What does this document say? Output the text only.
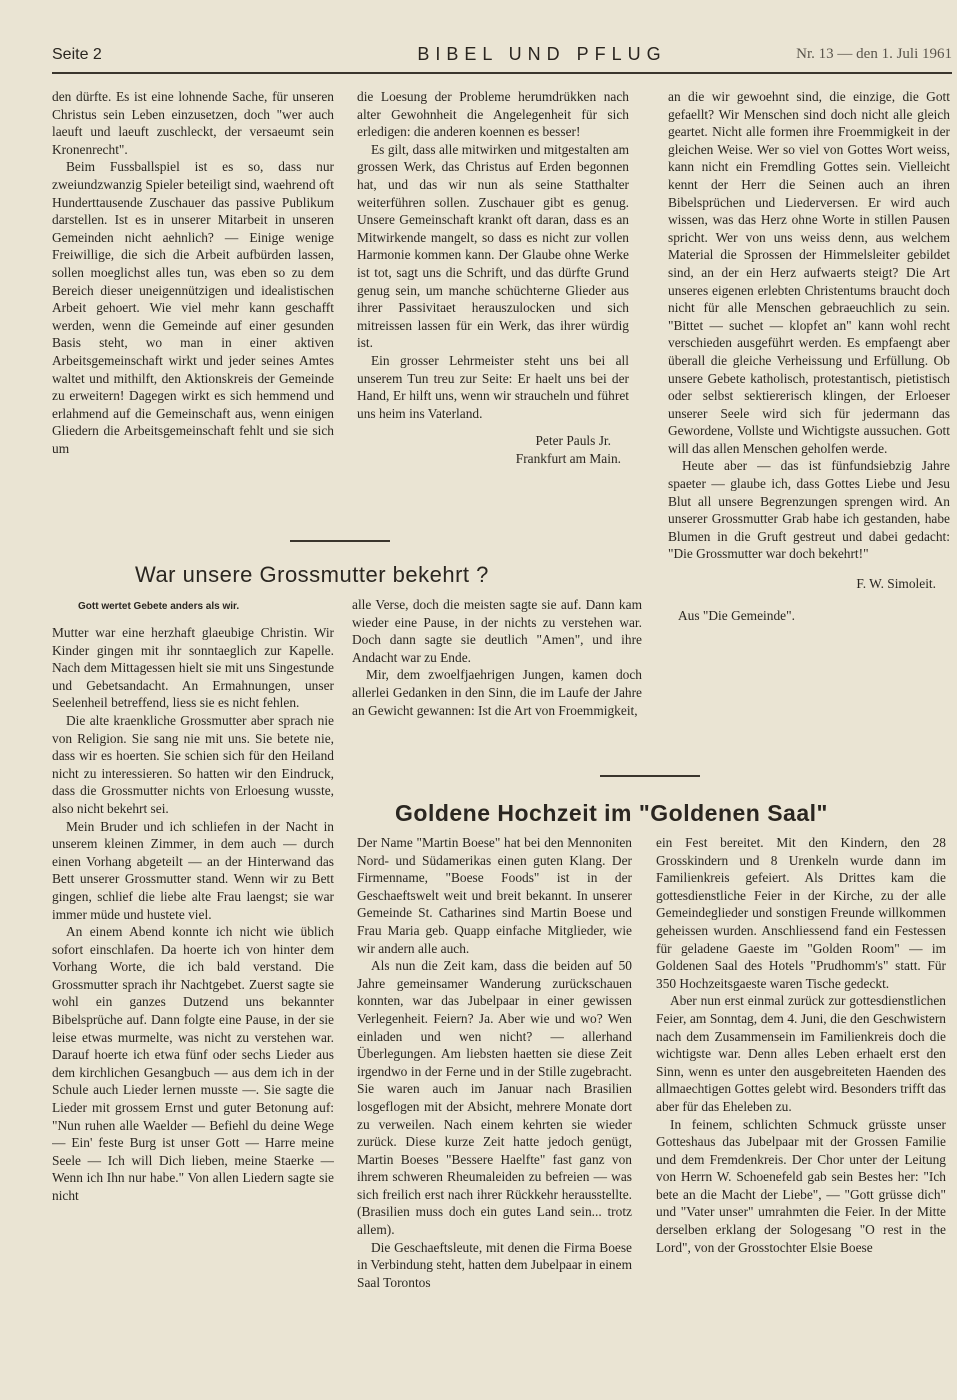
Seite 2	BIBEL UND PFLUG	Nr. 13 — den 1. Juli 1961

den dürfte. Es ist eine lohnende Sache, für unseren Christus sein Leben einzusetzen, doch "wer auch laeuft und laeuft zuschleckt, der versaeumt sein Kronenrecht".

Beim Fussballspiel ist es so, dass nur zweiundzwanzig Spieler beteiligt sind, waehrend oft Hunderttausende Zuschauer das passive Publikum darstellen. Ist es in unserer Mitarbeit in unseren Gemeinden nicht aehnlich? — Einige wenige Freiwillige, die sich die Arbeit aufbürden lassen, sollen moeglichst alles tun, was eben so zu dem Bereich dieser uneigennützigen und idealistischen Arbeit gehoert. Wie viel mehr kann geschafft werden, wenn die Gemeinde auf einer gesunden Basis steht, wo man in einer aktiven Arbeitsgemeinschaft wirkt und jeder seines Amtes waltet und mithilft, den Aktionskreis der Gemeinde zu erweitern! Dagegen wirkt es sich hemmend und erlahmend auf die Gemeinschaft aus, wenn einigen Gliedern die Arbeitsgemeinschaft fehlt und sie sich um

die Loesung der Probleme herumdrükken nach alter Gewohnheit die Angelegenheit für sich erledigen: die anderen koennen es besser!

Es gilt, dass alle mitwirken und mitgestalten am grossen Werk, das Christus auf Erden begonnen hat, und das wir nun als seine Statthalter weiterführen sollen. Zuschauer gibt es genug. Unsere Gemeinschaft krankt oft daran, dass es an Mitwirkende mangelt, so dass es nicht zur vollen Harmonie kommen kann. Der Glaube ohne Werke ist tot, sagt uns die Schrift, und das dürfte Grund genug sein, um manche schüchterne Glieder aus ihrer Passivitaet herauszulocken und sich mitreissen lassen für ein Werk, das ihrer würdig ist.

Ein grosser Lehrmeister steht uns bei all unserem Tun treu zur Seite: Er haelt uns bei der Hand, Er hilft uns, wenn wir straucheln und führet uns heim ins Vaterland.

Peter Pauls Jr.

Frankfurt am Main.

War unsere Grossmutter bekehrt ?
Gott wertet Gebete anders als wir.

Mutter war eine herzhaft glaeubige Christin. Wir Kinder gingen mit ihr sonntaeglich zur Kapelle. Nach dem Mittagessen hielt sie mit uns Singestunde und Gebetsandacht. An Ermahnungen, unser Seelenheil betreffend, liess sie es nicht fehlen.

Die alte kraenkliche Grossmutter aber sprach nie von Religion. Sie sang nie mit uns. Sie betete nie, dass wir es hoerten. Sie schien sich für den Heiland nicht zu interessieren. So hatten wir den Eindruck, dass die Grossmutter nichts von Erloesung wusste, also nicht bekehrt sei.

Mein Bruder und ich schliefen in der Nacht in unserem kleinen Zimmer, in dem auch — durch einen Vorhang abgeteilt — an der Hinterwand das Bett unserer Grossmutter stand. Wenn wir zu Bett gingen, schlief die liebe alte Frau laengst; sie war immer müde und hustete viel.

An einem Abend konnte ich nicht wie üblich sofort einschlafen. Da hoerte ich von hinter dem Vorhang Worte, die ich bald verstand. Die Grossmutter sprach ihr Nachtgebet. Zuerst sagte sie wohl ein ganzes Dutzend uns bekannter Bibelsprüche auf. Dann folgte eine Pause, in der sie leise etwas murmelte, was nicht zu verstehen war. Darauf hoerte ich etwa fünf oder sechs Lieder aus dem kirchlichen Gesangbuch — aus dem ich in der Schule auch Lieder lernen musste —. Sie sagte die Lieder mit grossem Ernst und guter Betonung auf: "Nun ruhen alle Waelder — Befiehl du deine Wege — Ein' feste Burg ist unser Gott — Harre meine Seele — Ich will Dich lieben, meine Staerke — Wenn ich Ihn nur habe." Von allen Liedern sagte sie nicht

alle Verse, doch die meisten sagte sie auf. Dann kam wieder eine Pause, in der nichts zu verstehen war. Doch dann sagte sie deutlich "Amen", und ihre Andacht war zu Ende.

Mir, dem zwoelfjaehrigen Jungen, kamen doch allerlei Gedanken in den Sinn, die im Laufe der Jahre an Gewicht gewannen: Ist die Art von Froemmigkeit,

an die wir gewoehnt sind, die einzige, die Gott gefaellt? Wir Menschen sind doch nicht alle gleich geartet. Nicht alle formen ihre Froemmigkeit in der gleichen Weise. Wer so viel von Gottes Wort weiss, kann nicht ein Fremdling Gottes sein. Vielleicht kennt der Herr die Seinen auch an ihren Bibelsprüchen und Liederversen. Er wird auch wissen, was das Herz ohne Worte in stillen Pausen spricht. Wer von uns weiss denn, aus welchem Material die Sprossen der Himmelsleiter gebildet sind, an der ein Herz aufwaerts steigt? Die Art unseres eigenen erlebten Christentums braucht doch nicht für alle Menschen gebraeuchlich zu sein. "Bittet — suchet — klopfet an" kann wohl recht verschieden ausgeführt werden. Es empfaengt aber überall die gleiche Verheissung und Erfüllung. Ob unsere Gebete katholisch, protestantisch, pietistisch oder selbst sektiererisch klingen, der Erloeser unserer Seele wird sich für jedermann das Gewordene, Vollste und Wichtigste aussuchen. Gott will das allen Menschen geholfen werde.

Heute aber — das ist fünfundsiebzig Jahre spaeter — glaube ich, dass Gottes Liebe und Jesu Blut all unsere Begrenzungen sprengen wird. An unserer Grossmutter Grab habe ich gestanden, habe Blumen in die Gruft gestreut und dabei gedacht: "Die Grossmutter war doch bekehrt!"

F. W. Simoleit.

Aus "Die Gemeinde".

Goldene Hochzeit im "Goldenen Saal"

Der Name "Martin Boese" hat bei den Mennoniten Nord- und Südamerikas einen guten Klang. Der Firmenname, "Boese Foods" ist in der Geschaeftswelt weit und breit bekannt. In unserer Gemeinde St. Catharines sind Martin Boese und Frau Maria geb. Quapp einfache Mitglieder, wie wir andern alle auch.

Als nun die Zeit kam, dass die beiden auf 50 Jahre gemeinsamer Wanderung zurückschauen konnten, war das Jubelpaar in einer gewissen Verlegenheit. Feiern? Ja. Aber wie und wo? Wen einladen und wen nicht? — allerhand Überlegungen. Am liebsten haetten sie diese Zeit irgendwo in der Ferne und in der Stille zugebracht. Sie waren auch im Januar nach Brasilien losgeflogen mit der Absicht, mehrere Monate dort zu verweilen. Nach einem kehrten sie wieder zurück. Diese kurze Zeit hatte jedoch genügt, Martin Boeses "Bessere Haelfte" fast ganz von ihrem schweren Rheumaleiden zu befreien — was sich freilich erst nach ihrer Rückkehr herausstellte. (Brasilien muss doch ein gutes Land sein... trotz allem).

Die Geschaeftsleute, mit denen die Firma Boese in Verbindung steht, hatten dem Jubelpaar in einem Saal Torontos

ein Fest bereitet. Mit den Kindern, den 28 Grosskindern und 8 Urenkeln wurde dann im Familienkreis gefeiert. Als Drittes kam die gottesdienstliche Feier in der Kirche, zu der alle Gemeindeglieder und sonstigen Freunde willkommen geheissen wurden. Anschliessend fand ein Festessen für geladene Gaeste im "Golden Room" — im Goldenen Saal des Hotels "Prudhomm's" statt. Für 350 Hochzeitsgaeste waren Tische gedeckt.

Aber nun erst einmal zurück zur gottesdienstlichen Feier, am Sonntag, dem 4. Juni, die den Geschwistern nach dem Zusammensein im Familienkreis doch die wichtigste war. Denn alles Leben erhaelt erst den Sinn, wenn es unter den ausgebreiteten Haenden des allmaechtigen Gottes gelebt wird. Besonders trifft das aber für das Eheleben zu.

In feinem, schlichten Schmuck grüsste unser Gotteshaus das Jubelpaar mit der Grossen Familie und dem Fremdenkreis. Der Chor unter der Leitung von Herrn W. Schoenefeld gab sein Bestes her: "Ich bete an die Macht der Liebe", — "Gott grüsse dich" und "Vater unser" umrahmten die Feier. In der Mitte derselben erklang der Sologesang "O rest in the Lord", von der Grosstochter Elsie Boese
